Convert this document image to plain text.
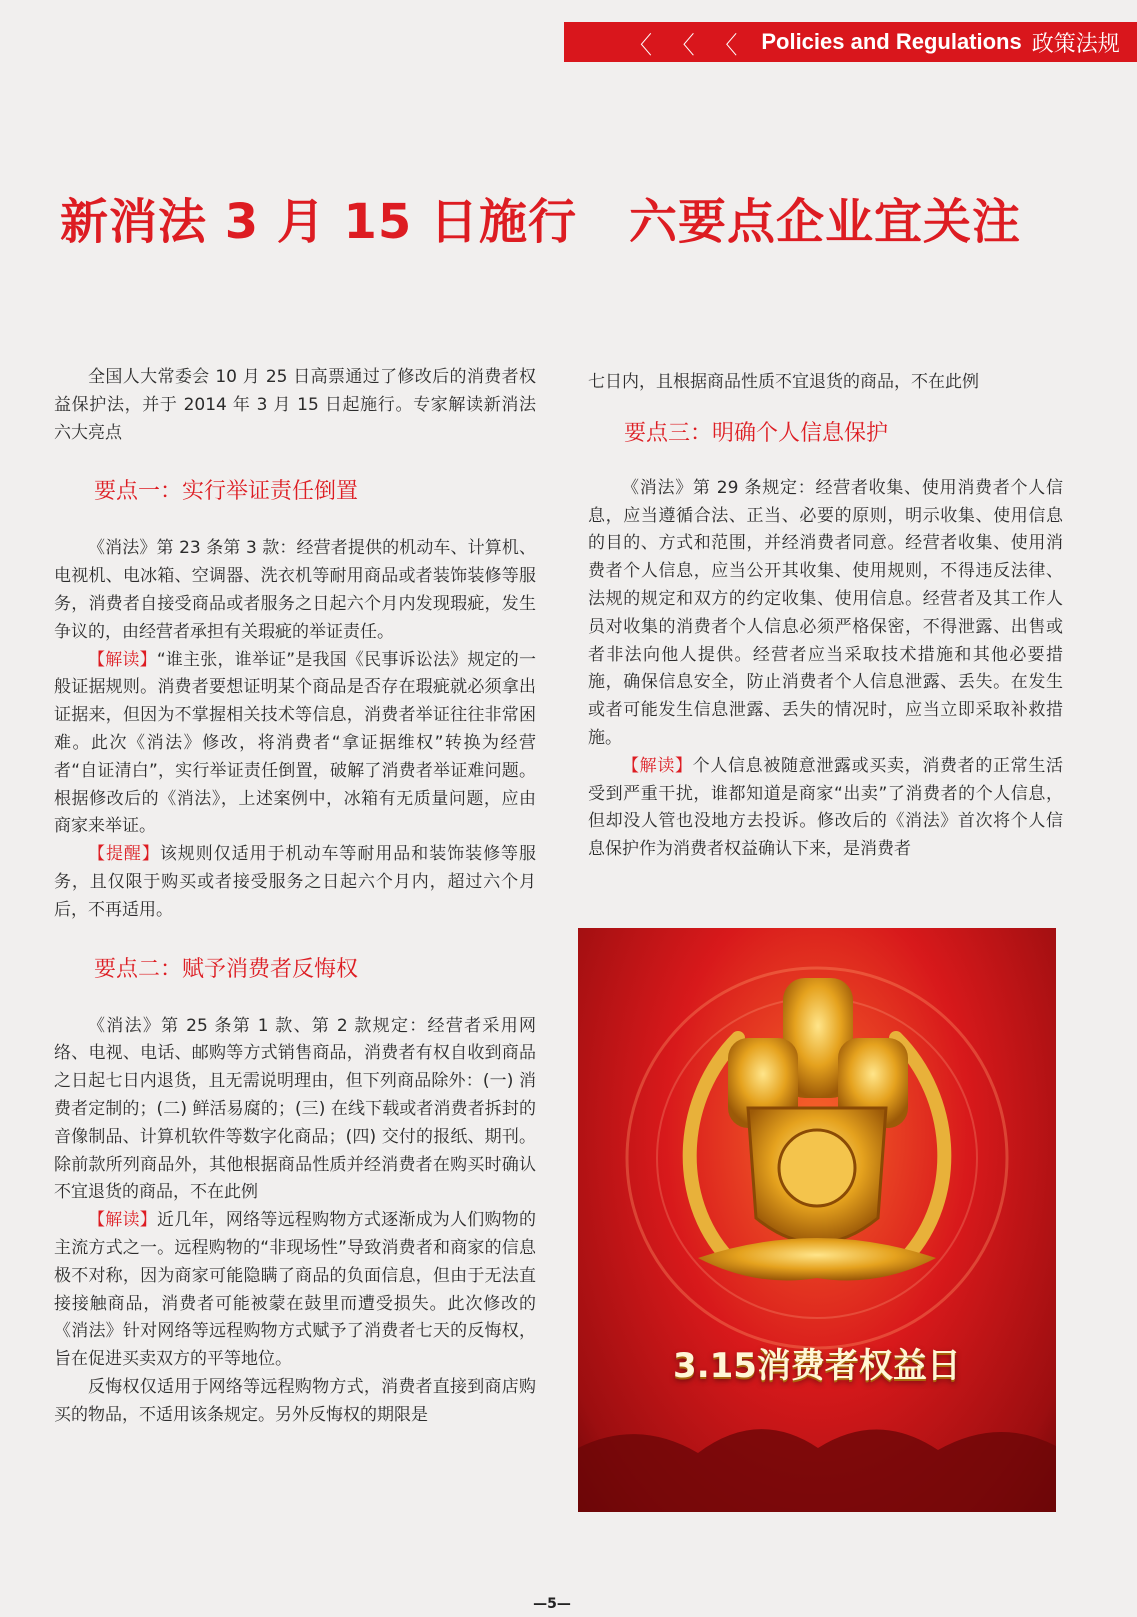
〈 〈 〈 Policies and Regulations 政策法规
新消法 3 月 15 日施行 六要点企业宜关注

全国人大常委会 10 月 25 日高票通过了修改后的消费者权益保护法，并于 2014 年 3 月 15 日起施行。专家解读新消法六大亮点

要点一：实行举证责任倒置

《消法》第 23 条第 3 款：经营者提供的机动车、计算机、电视机、电冰箱、空调器、洗衣机等耐用商品或者装饰装修等服务，消费者自接受商品或者服务之日起六个月内发现瑕疵，发生争议的，由经营者承担有关瑕疵的举证责任。

【解读】“谁主张，谁举证”是我国《民事诉讼法》规定的一般证据规则。消费者要想证明某个商品是否存在瑕疵就必须拿出证据来，但因为不掌握相关技术等信息，消费者举证往往非常困难。此次《消法》修改，将消费者“拿证据维权”转换为经营者“自证清白”，实行举证责任倒置，破解了消费者举证难问题。根据修改后的《消法》，上述案例中，冰箱有无质量问题，应由商家来举证。

【提醒】该规则仅适用于机动车等耐用品和装饰装修等服务，且仅限于购买或者接受服务之日起六个月内，超过六个月后，不再适用。

要点二：赋予消费者反悔权

《消法》第 25 条第 1 款、第 2 款规定：经营者采用网络、电视、电话、邮购等方式销售商品，消费者有权自收到商品之日起七日内退货，且无需说明理由，但下列商品除外：(一) 消费者定制的；(二) 鲜活易腐的；(三) 在线下载或者消费者拆封的音像制品、计算机软件等数字化商品；(四) 交付的报纸、期刊。除前款所列商品外，其他根据商品性质并经消费者在购买时确认不宜退货的商品，不在此例

【解读】近几年，网络等远程购物方式逐渐成为人们购物的主流方式之一。远程购物的“非现场性”导致消费者和商家的信息极不对称，因为商家可能隐瞒了商品的负面信息，但由于无法直接接触商品，消费者可能被蒙在鼓里而遭受损失。此次修改的《消法》针对网络等远程购物方式赋予了消费者七天的反悔权，旨在促进买卖双方的平等地位。

反悔权仅适用于网络等远程购物方式，消费者直接到商店购买的物品，不适用该条规定。另外反悔权的期限是

七日内，且根据商品性质不宜退货的商品，不在此例

要点三：明确个人信息保护

《消法》第 29 条规定：经营者收集、使用消费者个人信息，应当遵循合法、正当、必要的原则，明示收集、使用信息的目的、方式和范围，并经消费者同意。经营者收集、使用消费者个人信息，应当公开其收集、使用规则，不得违反法律、法规的规定和双方的约定收集、使用信息。经营者及其工作人员对收集的消费者个人信息必须严格保密，不得泄露、出售或者非法向他人提供。经营者应当采取技术措施和其他必要措施，确保信息安全，防止消费者个人信息泄露、丢失。在发生或者可能发生信息泄露、丢失的情况时，应当立即采取补救措施。

【解读】个人信息被随意泄露或买卖，消费者的正常生活受到严重干扰，谁都知道是商家“出卖”了消费者的个人信息，但却没人管也没地方去投诉。修改后的《消法》首次将个人信息保护作为消费者权益确认下来，是消费者

3.15消费者权益日
—5—
